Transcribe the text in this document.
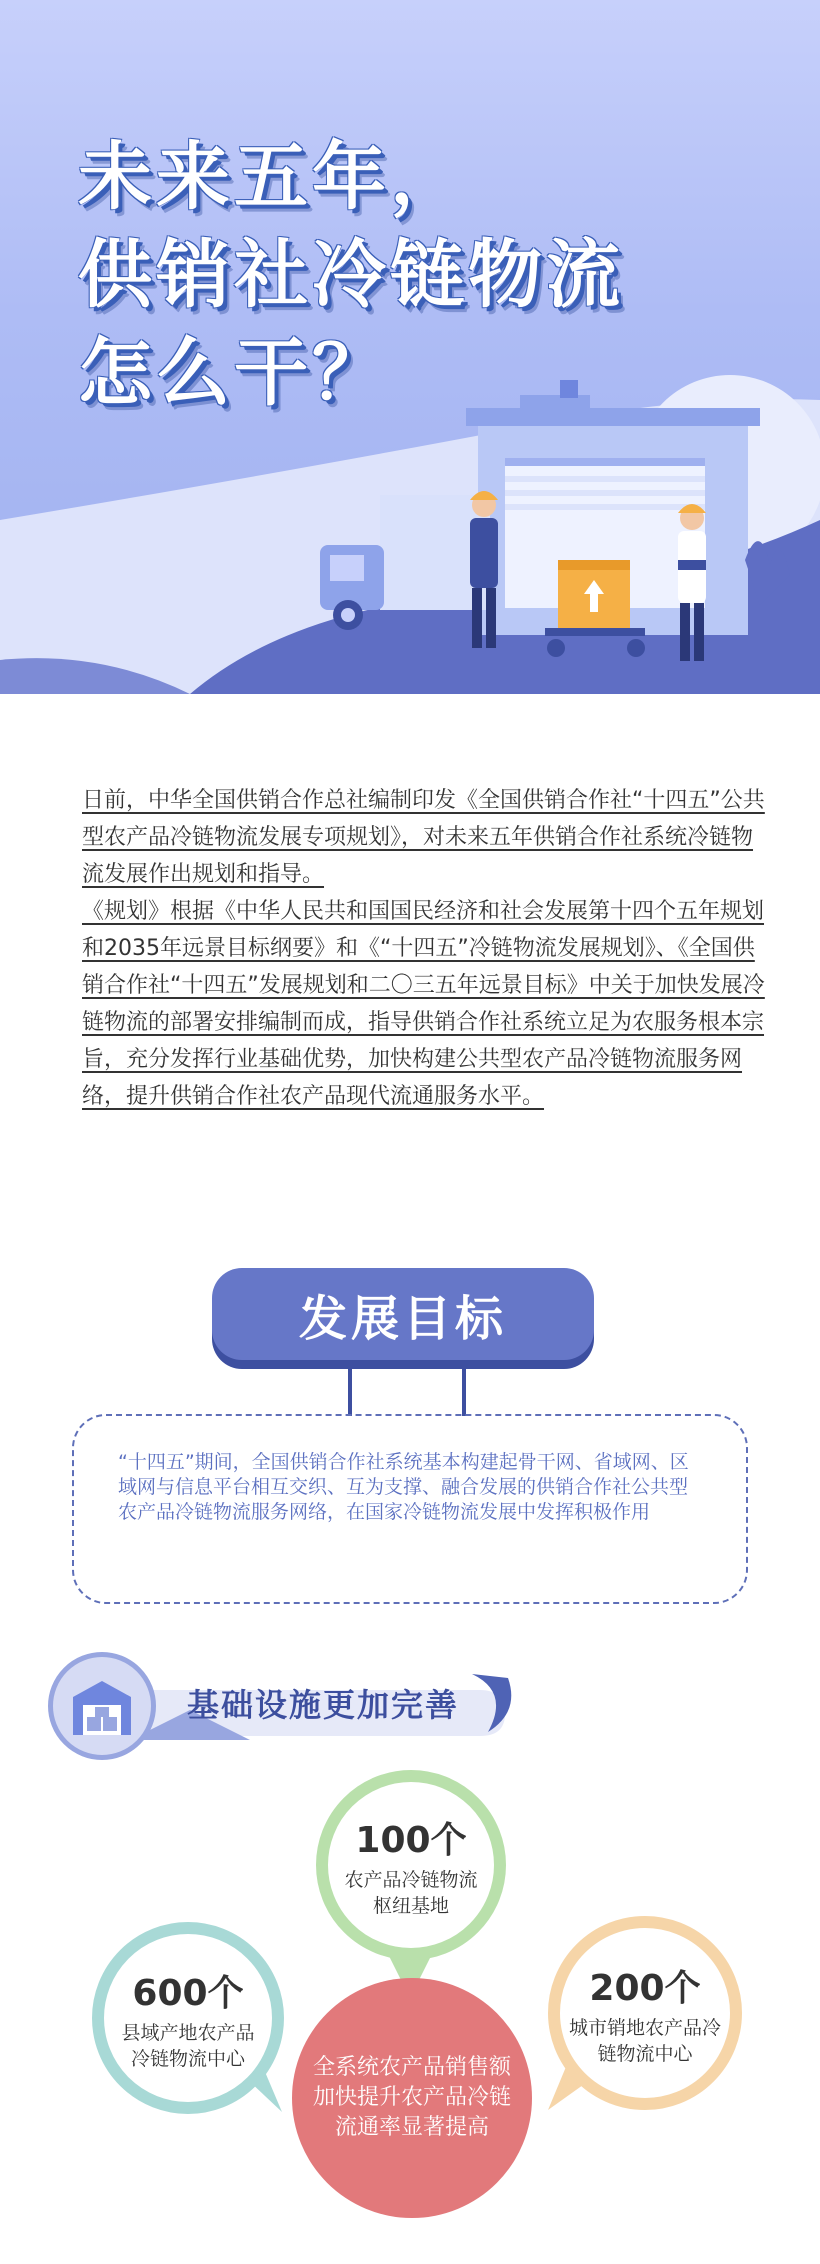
未来五年，
供销社冷链物流
怎么干？

日前，中华全国供销合作总社编制印发《全国供销合作社“十四五”公共型农产品冷链物流发展专项规划》，对未来五年供销合作社系统冷链物流发展作出规划和指导。

《规划》根据《中华人民共和国国民经济和社会发展第十四个五年规划和2035年远景目标纲要》和《“十四五”冷链物流发展规划》、《全国供销合作社“十四五”发展规划和二〇三五年远景目标》中关于加快发展冷链物流的部署安排编制而成，指导供销合作社系统立足为农服务根本宗旨，充分发挥行业基础优势，加快构建公共型农产品冷链物流服务网络，提升供销合作社农产品现代流通服务水平。

发展目标
“十四五”期间，全国供销合作社系统基本构建起骨干网、省域网、区域网与信息平台相互交织、互为支撑、融合发展的供销合作社公共型农产品冷链物流服务网络，在国家冷链物流发展中发挥积极作用
基础设施更加完善
100个
农产品冷链物流枢纽基地
600个
县域产地农产品冷链物流中心
200个
城市销地农产品冷链物流中心
全系统农产品销售额加快提升农产品冷链流通率显著提高
